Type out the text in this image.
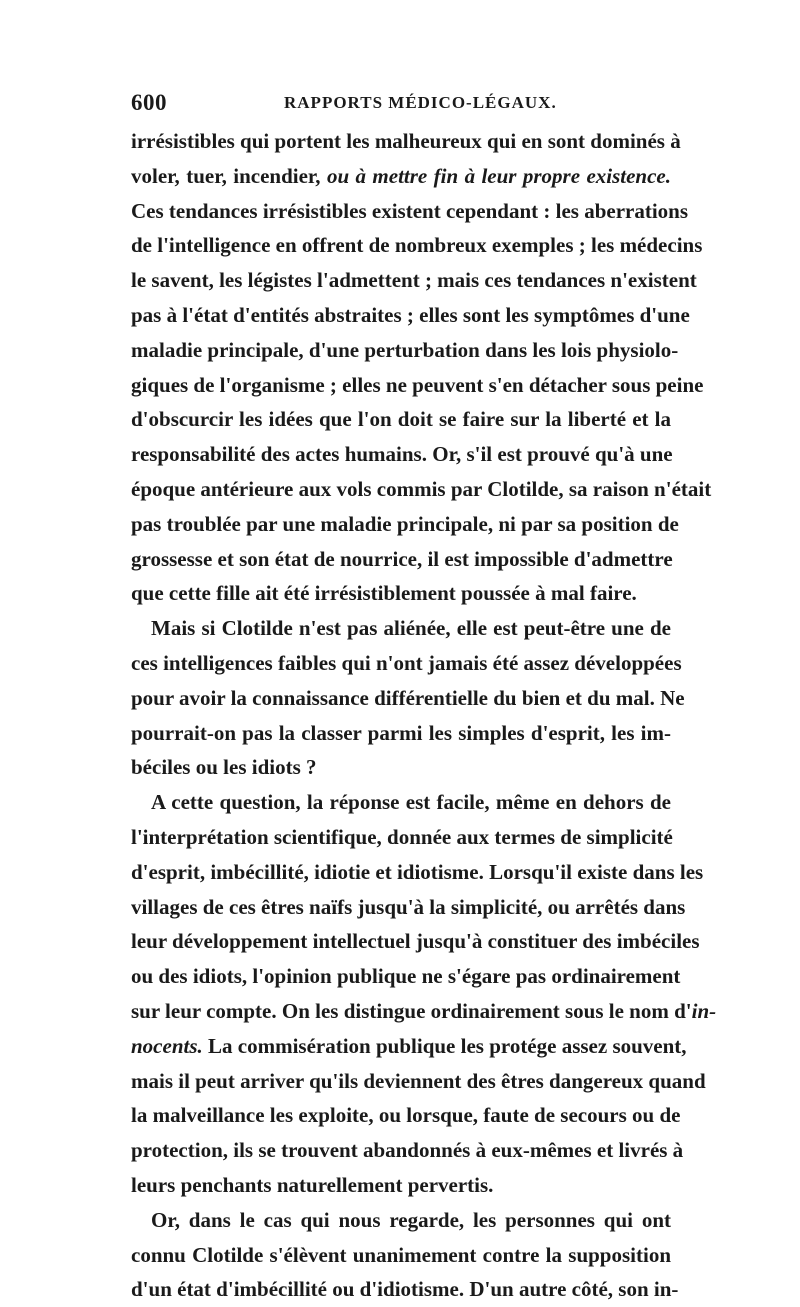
600	RAPPORTS MÉDICO-LÉGAUX.
irrésistibles qui portent les malheureux qui en sont dominés à
voler, tuer, incendier, ou à mettre fin à leur propre existence.
Ces tendances irrésistibles existent cependant : les aberrations
de l'intelligence en offrent de nombreux exemples ; les médecins
le savent, les légistes l'admettent ; mais ces tendances n'existent
pas à l'état d'entités abstraites ; elles sont les symptômes d'une
maladie principale, d'une perturbation dans les lois physiolo-
giques de l'organisme ; elles ne peuvent s'en détacher sous peine
d'obscurcir les idées que l'on doit se faire sur la liberté et la
responsabilité des actes humains. Or, s'il est prouvé qu'à une
époque antérieure aux vols commis par Clotilde, sa raison n'était
pas troublée par une maladie principale, ni par sa position de
grossesse et son état de nourrice, il est impossible d'admettre
que cette fille ait été irrésistiblement poussée à mal faire.
Mais si Clotilde n'est pas aliénée, elle est peut-être une de
ces intelligences faibles qui n'ont jamais été assez développées
pour avoir la connaissance différentielle du bien et du mal. Ne
pourrait-on pas la classer parmi les simples d'esprit, les im-
béciles ou les idiots ?
A cette question, la réponse est facile, même en dehors de
l'interprétation scientifique, donnée aux termes de simplicité
d'esprit, imbécillité, idiotie et idiotisme. Lorsqu'il existe dans les
villages de ces êtres naïfs jusqu'à la simplicité, ou arrêtés dans
leur développement intellectuel jusqu'à constituer des imbéciles
ou des idiots, l'opinion publique ne s'égare pas ordinairement
sur leur compte. On les distingue ordinairement sous le nom d'in-
nocents. La commisération publique les protége assez souvent,
mais il peut arriver qu'ils deviennent des êtres dangereux quand
la malveillance les exploite, ou lorsque, faute de secours ou de
protection, ils se trouvent abandonnés à eux-mêmes et livrés à
leurs penchants naturellement pervertis.
Or, dans le cas qui nous regarde, les personnes qui ont
connu Clotilde s'élèvent unanimement contre la supposition
d'un état d'imbécillité ou d'idiotisme. D'un autre côté, son in-
